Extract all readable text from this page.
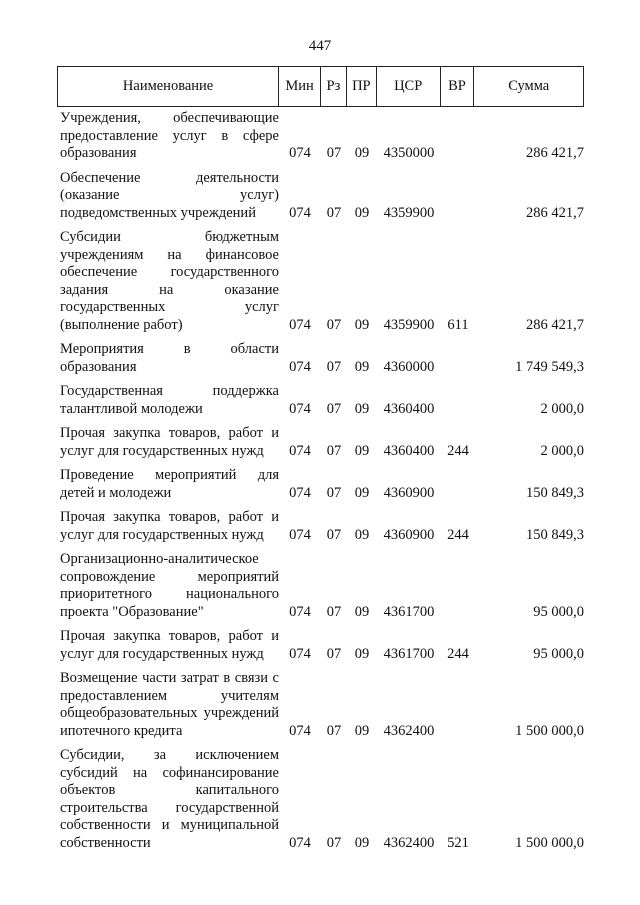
447
Наименование	Мин Рз ПР	ЦСР	ВР	Сумма
Учреждения, обеспечивающие предоставление услуг в сфере образования	074	07 09 4350000	286 421,7
Обеспечение деятельности (оказание услуг) подведомственных учреждений	074	07 09 4359900	286 421,7
Субсидии бюджетным учреждениям на финансовое обеспечение государственного задания на оказание государственных услуг (выполнение работ)	074	07 09 4359900 611	286 421,7
Мероприятия в области образования	074	07 09 4360000	1 749 549,3
Государственная поддержка талантливой молодежи	074	07 09 4360400	2 000,0
Прочая закупка товаров, работ и услуг для государственных нужд	074	07 09 4360400 244	2 000,0
Проведение мероприятий для детей и молодежи	074	07 09 4360900	150 849,3
Прочая закупка товаров, работ и услуг для государственных нужд	074	07 09 4360900 244	150 849,3
Организационно-аналитическое сопровождение мероприятий приоритетного национального проекта "Образование"	074	07 09 4361700	95 000,0
Прочая закупка товаров, работ и услуг для государственных нужд	074	07 09 4361700 244	95 000,0
Возмещение части затрат в связи с предоставлением учителям общеобразовательных учреждений ипотечного кредита	074	07 09 4362400	1 500 000,0
Субсидии, за исключением субсидий на софинансирование объектов капитального строительства государственной собственности и муниципальной собственности	074	07 09 4362400 521	1 500 000,0
